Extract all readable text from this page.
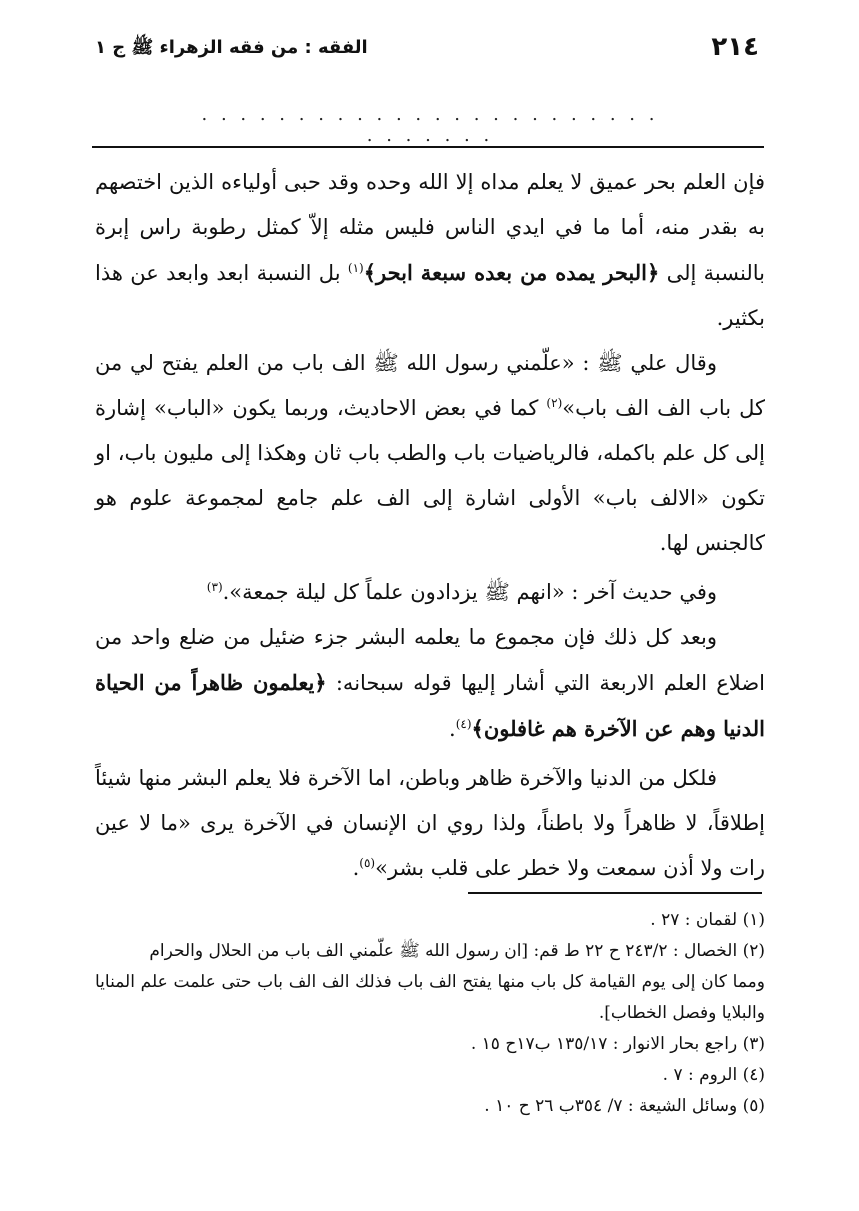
٢١٤
الفقه : من فقه الزهراء ﷺ ج ١
. . . . . . . . . . . . . . . . . . . . . . . . . . . . . . .

فإن العلم بحر عميق لا يعلم مداه إلا الله وحده وقد حبى أولياءه الذين اختصهم به بقدر منه، أما ما في ايدي الناس فليس مثله إلاّ كمثل رطوبة راس إبرة بالنسبة إلى ﴿البحر يمده من بعده سبعة ابحر﴾$^{(١)}$ بل النسبة ابعد وابعد عن هذا بكثير.

وقال علي ﷺ : «علّمني رسول الله ﷺ الف باب من العلم يفتح لي من كل باب الف الف باب»$^{(٢)}$ كما في بعض الاحاديث، وربما يكون «الباب» إشارة إلى كل علم باكمله، فالرياضيات باب والطب باب ثان وهكذا إلى مليون باب، او تكون «الالف باب» الأولى اشارة إلى الف علم جامع لمجموعة علوم هو كالجنس لها.

وفي حديث آخر : «انهم ﷺ يزدادون علماً كل ليلة جمعة».$^{(٣)}$

وبعد كل ذلك فإن مجموع ما يعلمه البشر جزء ضئيل من ضلع واحد من اضلاع العلم الاربعة التي أشار إليها قوله سبحانه: ﴿يعلمون ظاهراً من الحياة الدنيا وهم عن الآخرة هم غافلون﴾$^{(٤)}$.

فلكل من الدنيا والآخرة ظاهر وباطن، اما الآخرة فلا يعلم البشر منها شيئاً إطلاقاً، لا ظاهراً ولا باطناً، ولذا روي ان الإنسان في الآخرة يرى «ما لا عين رات ولا أذن سمعت ولا خطر على قلب بشر»$^{(٥)}$.

(١) لقمان : ٢٧ .

(٢) الخصال : ٢٤٣/٢ ح ٢٢ ط قم: [ان رسول الله ﷺ علّمني الف باب من الحلال والحرام

ومما كان إلى يوم القيامة كل باب منها يفتح الف باب فذلك الف الف باب حتى علمت علم المنايا والبلايا وفصل الخطاب].

(٣) راجع بحار الانوار : ١٣٥/١٧ ب١٧ح ١٥ .

(٤) الروم : ٧ .

(٥) وسائل الشيعة : ٧/ ٣٥٤ب ٢٦ ح ١٠ .
